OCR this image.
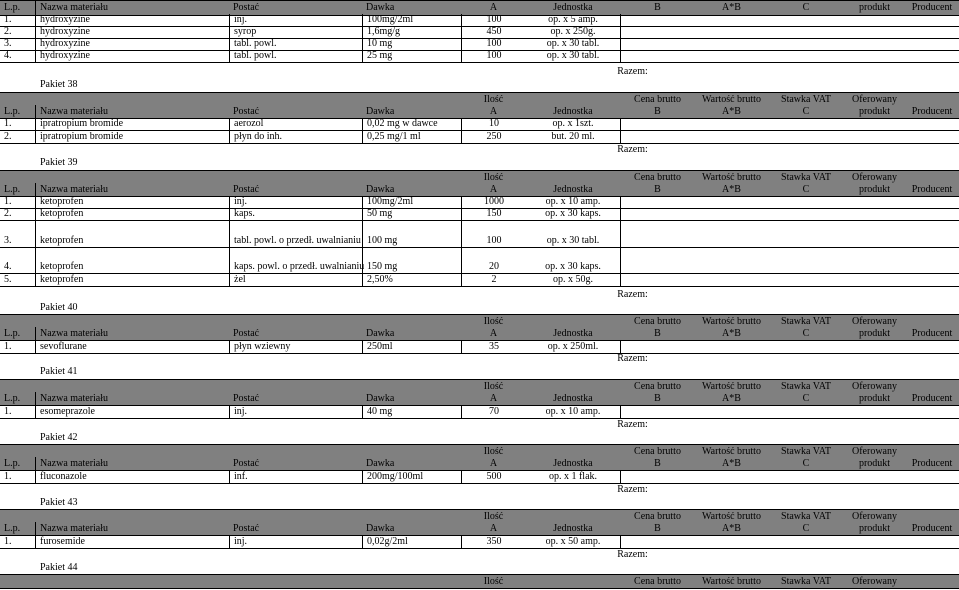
L.p. Nazwa materiału	Postać	Dawka	A	Jednostka	B	A*B	C	produkt Producent
1.	hydroxyzine	inj.	100mg/2ml	100	op. x 5 amp.
2.	hydroxyzine	syrop	1,6mg/g	450	op. x 250g.
3.	hydroxyzine	tabl. powl.	10 mg	100	op. x 30 tabl.
4.	hydroxyzine	tabl. powl.	25 mg	100	op. x 30 tabl.
Razem:
Pakiet 38
Ilość	Cena brutto Wartość brutto Stawka VAT Oferowany
L.p. Nazwa materiału	Postać	Dawka	A	Jednostka	B	A*B	C	produkt Producent
1.	ipratropium bromide	aerozol	0,02 mg w dawce	10	op. x 1szt.
2.	ipratropium bromide	płyn do inh.	0,25 mg/1 ml	250	but. 20 ml.
Razem:
Pakiet 39
Ilość	Cena brutto Wartość brutto Stawka VAT Oferowany
L.p. Nazwa materiału	Postać	Dawka	A	Jednostka	B	A*B	C	produkt Producent
1.	ketoprofen	inj.	100mg/2ml	1000	op. x 10 amp.
2.	ketoprofen	kaps.	50 mg	150	op. x 30 kaps.
3.	ketoprofen	tabl. powl. o przedł. uwalnianiu 100 mg	100	op. x 30 tabl.
4.	ketoprofen	kaps. powl. o przedł. uwalnianiu 150 mg	20	op. x 30 kaps.
5.	ketoprofen	żel	2,50%	2	op. x 50g.
Razem:
Pakiet 40
Ilość	Cena brutto Wartość brutto Stawka VAT Oferowany
L.p. Nazwa materiału	Postać	Dawka	A	Jednostka	B	A*B	C	produkt Producent
1.	sevoflurane	płyn wziewny	250ml	35	op. x 250ml.
Razem:
Pakiet 41
Ilość	Cena brutto Wartość brutto Stawka VAT Oferowany
L.p. Nazwa materiału	Postać	Dawka	A	Jednostka	B	A*B	C	produkt Producent
1.	esomeprazole	inj.	40 mg	70	op. x 10 amp.
Razem:
Pakiet 42
Ilość	Cena brutto Wartość brutto Stawka VAT Oferowany
L.p. Nazwa materiału	Postać	Dawka	A	Jednostka	B	A*B	C	produkt Producent
1.	fluconazole	inf.	200mg/100ml	500	op. x 1 flak.
Razem:
Pakiet 43
Ilość	Cena brutto Wartość brutto Stawka VAT Oferowany
L.p. Nazwa materiału	Postać	Dawka	A	Jednostka	B	A*B	C	produkt Producent
1.	furosemide	inj.	0,02g/2ml	350	op. x 50 amp.
Razem:
Pakiet 44
Ilość	Cena brutto Wartość brutto Stawka VAT Oferowany
